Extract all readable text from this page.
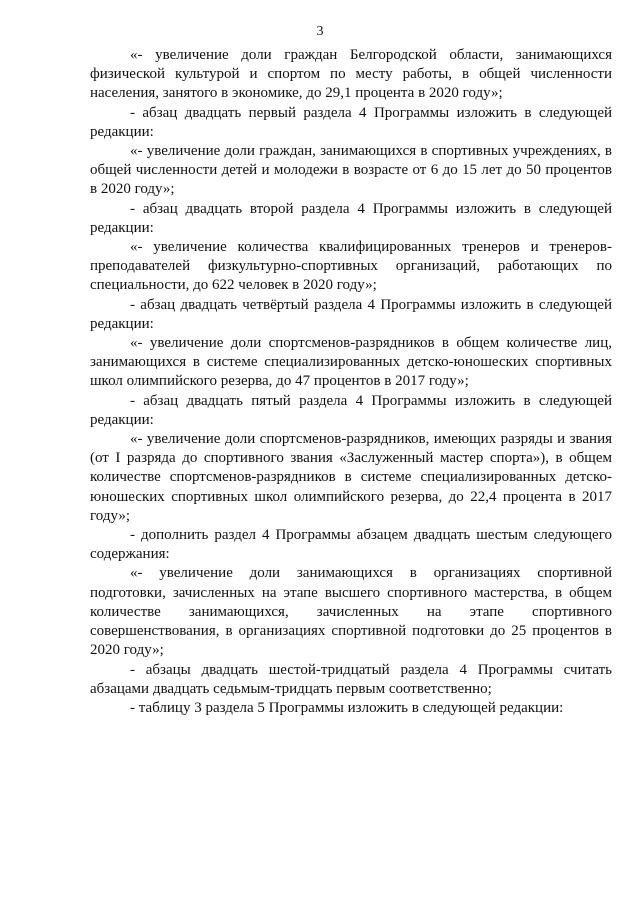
3

«- увеличение доли граждан Белгородской области, занимающихся физической культурой и спортом по месту работы, в общей численности населения, занятого в экономике, до 29,1 процента в 2020 году»;

- абзац двадцать первый раздела 4 Программы изложить в следующей редакции:

«- увеличение доли граждан, занимающихся в спортивных учреждениях, в общей численности детей и молодежи в возрасте от 6 до 15 лет до 50 процентов в 2020 году»;

- абзац двадцать второй раздела 4 Программы изложить в следующей редакции:

«- увеличение количества квалифицированных тренеров и тренеров-преподавателей физкультурно-спортивных организаций, работающих по специальности, до 622 человек в 2020 году»;

- абзац двадцать четвёртый раздела 4 Программы изложить в следующей редакции:

«- увеличение доли спортсменов-разрядников в общем количестве лиц, занимающихся в системе специализированных детско-юношеских спортивных школ олимпийского резерва, до 47 процентов в 2017 году»;

- абзац двадцать пятый раздела 4 Программы изложить в следующей редакции:

«- увеличение доли спортсменов-разрядников, имеющих разряды и звания (от I разряда до спортивного звания «Заслуженный мастер спорта»), в общем количестве спортсменов-разрядников в системе специализированных детско-юношеских спортивных школ олимпийского резерва, до 22,4 процента в 2017 году»;

- дополнить раздел 4 Программы абзацем двадцать шестым следующего содержания:

«- увеличение доли занимающихся в организациях спортивной подготовки, зачисленных на этапе высшего спортивного мастерства, в общем количестве занимающихся, зачисленных на этапе спортивного совершенствования, в организациях спортивной подготовки до 25 процентов в 2020 году»;

- абзацы двадцать шестой-тридцатый раздела 4 Программы считать абзацами двадцать седьмым-тридцать первым соответственно;

- таблицу 3 раздела 5 Программы изложить в следующей редакции:
